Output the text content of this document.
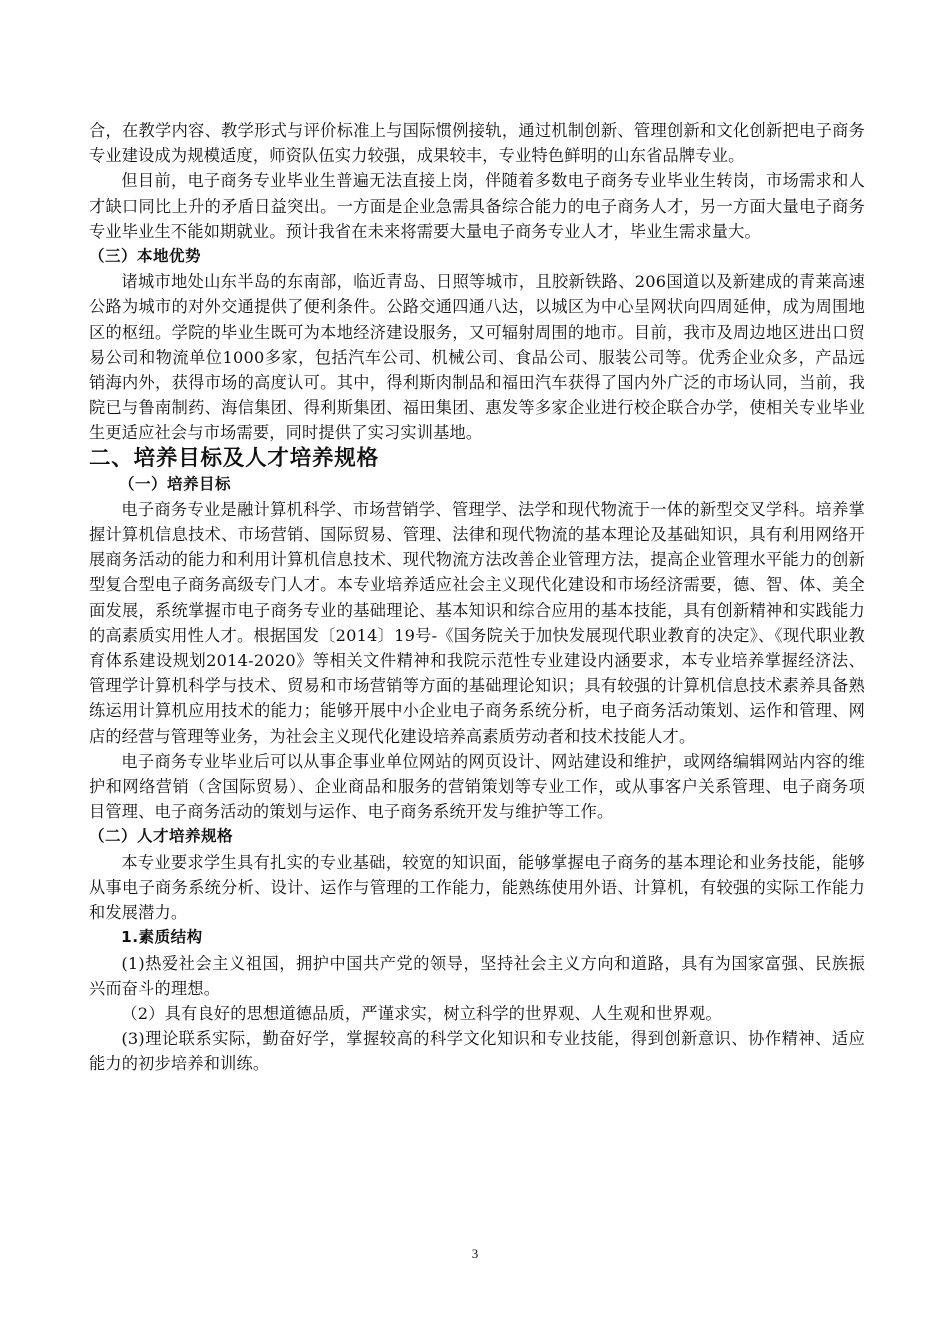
合，在教学内容、教学形式与评价标准上与国际惯例接轨，通过机制创新、管理创新和文化创新把电子商务专业建设成为规模适度，师资队伍实力较强，成果较丰，专业特色鲜明的山东省品牌专业。

但目前，电子商务专业毕业生普遍无法直接上岗，伴随着多数电子商务专业毕业生转岗，市场需求和人才缺口同比上升的矛盾日益突出。一方面是企业急需具备综合能力的电子商务人才，另一方面大量电子商务专业毕业生不能如期就业。预计我省在未来将需要大量电子商务专业人才，毕业生需求量大。

（三）本地优势

诸城市地处山东半岛的东南部，临近青岛、日照等城市，且胶新铁路、206国道以及新建成的青莱高速公路为城市的对外交通提供了便利条件。公路交通四通八达，以城区为中心呈网状向四周延伸，成为周围地区的枢纽。学院的毕业生既可为本地经济建设服务，又可辐射周围的地市。目前，我市及周边地区进出口贸易公司和物流单位1000多家，包括汽车公司、机械公司、食品公司、服装公司等。优秀企业众多，产品远销海内外，获得市场的高度认可。其中，得利斯肉制品和福田汽车获得了国内外广泛的市场认同，当前，我院已与鲁南制药、海信集团、得利斯集团、福田集团、惠发等多家企业进行校企联合办学，使相关专业毕业生更适应社会与市场需要，同时提供了实习实训基地。

二、培养目标及人才培养规格

（一）培养目标

电子商务专业是融计算机科学、市场营销学、管理学、法学和现代物流于一体的新型交叉学科。培养掌握计算机信息技术、市场营销、国际贸易、管理、法律和现代物流的基本理论及基础知识，具有利用网络开展商务活动的能力和利用计算机信息技术、现代物流方法改善企业管理方法，提高企业管理水平能力的创新型复合型电子商务高级专门人才。本专业培养适应社会主义现代化建设和市场经济需要，德、智、体、美全面发展，系统掌握市电子商务专业的基础理论、基本知识和综合应用的基本技能，具有创新精神和实践能力的高素质实用性人才。根据国发〔2014〕19号-《国务院关于加快发展现代职业教育的决定》、《现代职业教育体系建设规划2014-2020》等相关文件精神和我院示范性专业建设内涵要求，本专业培养掌握经济法、管理学计算机科学与技术、贸易和市场营销等方面的基础理论知识；具有较强的计算机信息技术素养具备熟练运用计算机应用技术的能力；能够开展中小企业电子商务系统分析，电子商务活动策划、运作和管理、网店的经营与管理等业务，为社会主义现代化建设培养高素质劳动者和技术技能人才。

电子商务专业毕业后可以从事企事业单位网站的网页设计、网站建设和维护，或网络编辑网站内容的维护和网络营销（含国际贸易）、企业商品和服务的营销策划等专业工作，或从事客户关系管理、电子商务项目管理、电子商务活动的策划与运作、电子商务系统开发与维护等工作。

（二）人才培养规格

本专业要求学生具有扎实的专业基础，较宽的知识面，能够掌握电子商务的基本理论和业务技能，能够从事电子商务系统分析、设计、运作与管理的工作能力，能熟练使用外语、计算机，有较强的实际工作能力和发展潜力。

1.素质结构

(1)热爱社会主义祖国，拥护中国共产党的领导，坚持社会主义方向和道路，具有为国家富强、民族振兴而奋斗的理想。

（2）具有良好的思想道德品质，严谨求实，树立科学的世界观、人生观和世界观。

(3)理论联系实际，勤奋好学，掌握较高的科学文化知识和专业技能，得到创新意识、协作精神、适应能力的初步培养和训练。

3
